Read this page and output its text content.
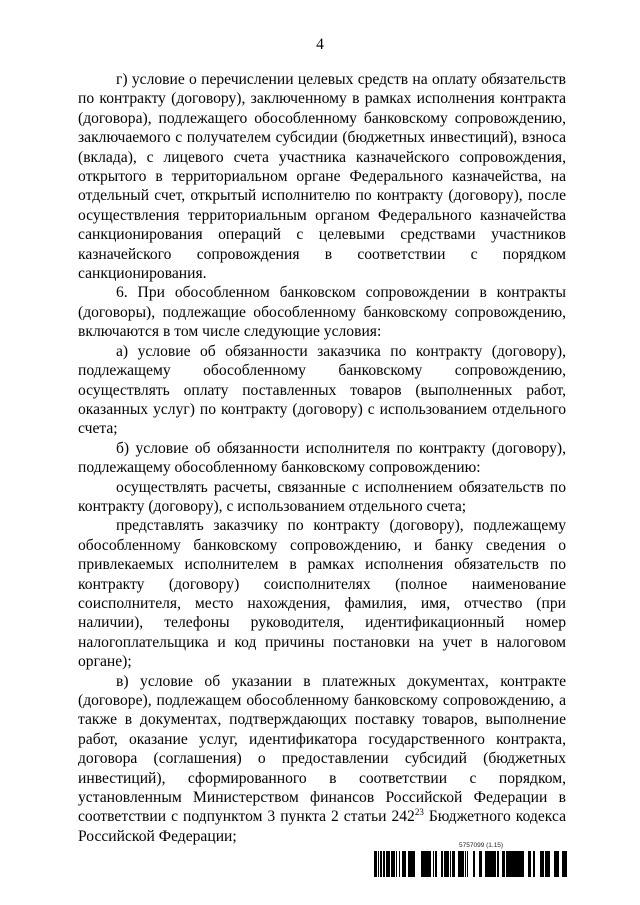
4

г) условие о перечислении целевых средств на оплату обязательств по контракту (договору), заключенному в рамках исполнения контракта (договора), подлежащего обособленному банковскому сопровождению, заключаемого с получателем субсидии (бюджетных инвестиций), взноса (вклада), с лицевого счета участника казначейского сопровождения, открытого в территориальном органе Федерального казначейства, на отдельный счет, открытый исполнителю по контракту (договору), после осуществления территориальным органом Федерального казначейства санкционирования операций с целевыми средствами участников казначейского сопровождения в соответствии с порядком санкционирования.

6. При обособленном банковском сопровождении в контракты (договоры), подлежащие обособленному банковскому сопровождению, включаются в том числе следующие условия:

а) условие об обязанности заказчика по контракту (договору), подлежащему обособленному банковскому сопровождению, осуществлять оплату поставленных товаров (выполненных работ, оказанных услуг) по контракту (договору) с использованием отдельного счета;

б) условие об обязанности исполнителя по контракту (договору), подлежащему обособленному банковскому сопровождению:

осуществлять расчеты, связанные с исполнением обязательств по контракту (договору), с использованием отдельного счета;

представлять заказчику по контракту (договору), подлежащему обособленному банковскому сопровождению, и банку сведения о привлекаемых исполнителем в рамках исполнения обязательств по контракту (договору) соисполнителях (полное наименование соисполнителя, место нахождения, фамилия, имя, отчество (при наличии), телефоны руководителя, идентификационный номер налогоплательщика и код причины постановки на учет в налоговом органе);

в) условие об указании в платежных документах, контракте (договоре), подлежащем обособленному банковскому сопровождению, а также в документах, подтверждающих поставку товаров, выполнение работ, оказание услуг, идентификатора государственного контракта, договора (соглашения) о предоставлении субсидий (бюджетных инвестиций), сформированного в соответствии с порядком, установленным Министерством финансов Российской Федерации в соответствии с подпунктом 3 пункта 2 статьи $242^{23}$ Бюджетного кодекса Российской Федерации;

5757099 (1.15)
